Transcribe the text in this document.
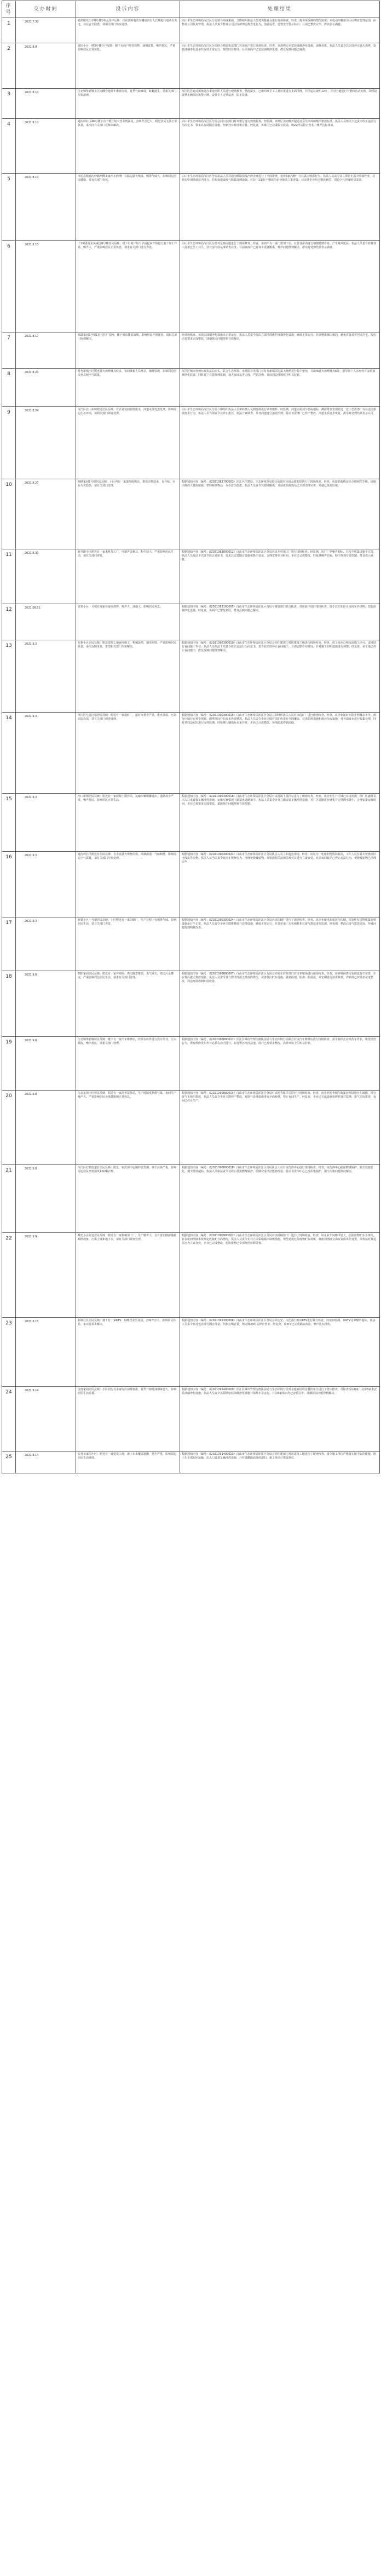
序号	交办时间	投诉内容	处理结果
1	2021.7.30	嘉鸿阳光小学8号楼1单元住户反映：住东面的电动车棚房内有人长期进行电动车充电，存在安全隐患，请相关部门核实处理。	白山市生态环境局浑江区分局领导高度重视，立即组织执法人员对该投诉点进行现场核查。经查，投诉所反映的情况属实。该电动车棚房为小区物业管理范围，由物业公司负责管理。执法人员责令物业公司立即清理违规充电行为，加强巡查，设置安全警示标识。目前已整改完毕，群众表示满意。
2	2021.8.9	富园小区一期3号楼住户反映：楼下有商户经营烧烤，油烟直排，噪声扰民，严重影响居民正常休息。	白山市生态环境局浑江区分局联合城管执法部门对该商户进行现场检查。经查，该烧烤店未安装油烟净化设施，油烟直排。执法人员责令其立即停止露天烧烤，安装油烟净化设备并保持正常运行，规范经营时间。目前该商户已安装油烟净化器，群众反映问题已解决。
3	2021.8.10	江北锦华新城小区南侧空地常年堆放垃圾，夏季气味难闻，蚊蝇滋生，请相关部门尽快清理。	浑江区住建局和街道办事处组织人员进行现场核查，情况属实。已组织环卫工人对垃圾进行全面清理，共清运垃圾约12车，并对空地进行平整和消杀处理，同时设置禁止倾倒垃圾警示牌，安排专人定期巡查，防止反弹。
4	2021.8.10	通沟岭社区46号楼下有个歌厅每天营业到深夜，音响声音过大，附近居民无法正常休息，多次向有关部门反映未解决。	白山市生态环境局浑江区分局会同公安部门对该歌厅进行现场检查，经监测，该歌厅夜间噪声超过社会生活环境噪声排放标准。执法人员依法下达责令改正违法行为决定书，要求其加装隔音设施，控制营业时间和音量。经复查，该歌厅已完成隔音改造，晚22时后停止营业，噪声达标排放。
5	2021.8.10	市民反映通沟岭路两侧多家汽车修理厂在路边露天喷漆，刺鼻气味大，影响周边居民健康，请有关部门查处。	白山市生态环境局浑江区分局执法人员对通沟岭路沿线汽修企业进行了全面排查，发现3家汽修厂存在露天喷漆行为。执法人员责令其立即停止露天喷漆作业，必须在密闭喷漆房内进行，并配套建设废气收集处理设施。对其中1家拒不整改的企业依法立案查处。目前各企业均已整改到位，周边空气异味明显改善。
6	2021.8.10	工农6委及东风家园8号楼居民反映：楼下有商户每天早晨起来开始进行施工加工作业，噪声大，严重影响居民正常休息，请求有关部门进行查处。	白山市生态环境局浑江区分局对反映问题进行了现场核查。经查，该商户为一家门窗加工店，在营业房内进行切割打磨作业，产生噪声扰民。执法人员责令其将加工设备迁至工业区，营业房内仅从事销售业务。目前该商户已将加工设备搬离，噪声问题得到解决，群众对处理结果表示满意。
7	2021.8.17	锦湖家园2号楼1单元住户反映：楼下饭店排放油烟，影响居民开窗通风，请相关部门协调解决。	经现场核查，该饭店油烟净化设施未正常运行。执法人员责令饭店立即清洗维护油烟净化设施，确保正常运行，并调整排烟口朝向，避免直接对着居民住宅。饭店已按要求完成整改，油烟扰民问题得到有效解决。
8	2021.8.20	时代新城小区附近露天烧烤摊点较多，夜间聚集人员嘈杂，烟雾弥漫，影响周边居民休息和空气质量。	浑江区城市管理行政执法局牵头，联合生态环境、市场监管等部门对时代新城周边露天烧烤进行集中整治，共取缔露天烧烤摊点6处，引导商户入室经营并安装油烟净化装置。同时建立长效管理机制，加大夜间巡查力度，严防反弹。目前周边环境秩序明显好转。
9	2021.8.24	浑江区北山东坡附近居民反映：有企业夜间偷排废水，河道水体发黑发臭，影响周边生态环境，请相关部门调查处理。	白山市生态环境局浑江区分局立即组织执法人员和监测人员到现场进行调查取样。经监测，河道水质部分指标超标，溯源排查发现附近一处小型洗涤厂存在违法排放废水行为。执法人员当即责令其停止排污，依法立案调查，并对河道进行清淤治理。目前该洗涤厂已停产整改，河道水质逐步恢复，群众对处理结果表示认可。
10	2021.8.27	锦绣家园3号楼居民反映：小区内有一家废品收购站，堆放杂物较多，有异味，存在火灾隐患，请有关部门处理。	根据通知内容（编号：X2021082700003）浑江区住建局、生态环境分局联合街道对该废品收购站进行了现场核查。经查，该废品收购站未办理相关手续，场地内堆放大量废纸箱、塑料瓶等物品，存在安全隐患。执法人员责令其限期搬离，目前废品收购站已全部清理完毕，场地已恢复原貌。
11	2021.8.30	新开路小区附近有一家木材加工厂，电锯声音刺耳，粉尘较大，严重影响居民生活，请有关部门查处。	根据通知内容（编号：X2021083000012）白山市生态环境局浑江区分局对该木材加工厂进行现场检查。经监测，该厂厂界噪声超标，且粉尘收集设施不完善。执法人员依法下达责令改正通知书，要求其安装隔音设施和除尘设备，合理安排作业时间。企业已完成整改，经复测噪声达标，粉尘得到有效控制，群众表示满意。
12	2021.08.31	富来小区一号楼有商家在夜间烧烤，噪声大，油烟大，影响居民休息。	根据通知内容（编号：X2021083100005）白山市生态环境局浑江区分局与城管部门联合执法，对该商户进行现场检查，责令其立即停止夜间室外烧烤，加装油烟净化设施。经复查，该商户已整改到位，群众反映问题已解决。
13	2021.9.3	红旗小区居民反映：附近建筑工地夜间施工，机械轰鸣，强光照射，严重影响居民休息，多次反映未果，希望相关部门尽快解决。	根据通知内容（编号：X2021090300010）白山市生态环境局浑江区分局会同住建部门对该建筑工地进行现场检查。经查，该工地未办理夜间施工许可，违规进行夜间施工作业。执法人员依法下达责令改正违法行为决定书，责令其立即停止夜间施工，合理安排作业时间，并对施工照明设施进行调整。经复查，该工地已停止夜间施工，群众反映问题得到解决。
14	2021.9.3	浑江区七道江镇居民反映：附近有一家选矿厂，尾矿库扬尘严重，废水外溢，污染周边农田，请有关部门调查处理。	根据通知内容（编号：X2021090300015）白山市生态环境局浑江区分局立即组织执法人员对该选矿厂进行现场检查。经查，该企业尾矿库防尘网覆盖不全，部分区域存在扬尘现象，雨季期间存在废水外溢情况。执法人员责令企业立即对尾矿库进行全面覆盖，完善防渗措施和雨污分流设施，对外溢废水进行收集处理。同时对周边农田进行取样监测，经检测土壤指标未见异常。企业已完成整改，环境隐患得到消除。
15	2021.9.3	河口新城居民反映：附近有一家混凝土搅拌站，运输车辆频繁进出，道路扬尘严重，噪声扰民，影响居民正常生活。	根据通知内容（编号：X2021090300018）白山市生态环境局浑江区分局对该混凝土搅拌站进行了现场检查。经查，该企业生产区域已实现封闭，但厂区道路及出入口未设置车辆冲洗设施，运输车辆带泥上路造成道路扬尘。执法人员责令企业立即安装车辆冲洗设施，对厂区道路进行硬化并定期洒水降尘，合理安排运输时间。企业已按要求完成整改，道路扬尘问题得到有效控制。
16	2021.9.3	通沟岭社区附近有居民反映：有企业露天焚烧垃圾，浓烟滚滚，气味刺鼻，影响周边空气质量，请有关部门尽快处理。	根据通知内容（编号：X2021090300021）白山市生态环境局浑江区分局执法人员立即赶赴现场，经查，该处为一处废旧物资回收站，工作人员在露天焚烧废旧电线皮等杂物。执法人员当即责令其停止焚烧行为，清理焚烧残留物，并依据相关法律法规对其进行立案查处。目前该回收站已停止违法行为，焚烧残留物已清理完毕。
17	2021.9.3	新铁小区一号楼居民反映：小区附近有一家印刷厂，生产过程中有刺鼻气味，影响居民生活，请有关部门查处。	根据通知内容（编号：X2021090300024）白山市生态环境局浑江区分局对该印刷厂进行了现场检查。经查，该企业使用油墨进行印刷，挥发性有机物收集处理设施运行不正常。执法人员责令企业立即维修废气处理设施，确保正常运行，并委托第三方检测机构对废气排放进行监测。经检测，整改后废气排放达标，异味问题得到明显改善。
18	2021.9.8	朝阳家园居民反映：附近有一家养殖场，粪污随意堆放，臭气熏天，雨天污水横流，严重影响周边居民生活，请求有关部门处理。	根据通知内容（编号：X2021090800007）白山市生态环境局浑江区分局会同农业农村部门对该养殖场进行现场检查。经查，该养殖场粪污处理设施不完善，存在粪污露天堆放现象。执法人员责令其立即清理露天堆放的粪污，完善粪污贮存设施，做到防雨、防渗、防溢流，并定期进行消毒除臭。养殖场已按要求完成整改，周边环境得到明显改善。
19	2021.9.8	江北锦华新城居民反映：楼下有一家汽车维修店，经常在店外进行洗车作业，污水横流，噪声扰民，请相关部门处理。	根据通知内容（编号：X2021090800011）浑江区城市管理行政执法局与生态环境分局联合对该汽车维修店进行现场检查，责令其停止店外洗车作业，规范经营行为，所有维修洗车作业必须在店内进行，并设置污水沉淀池。商户已按要求整改，店外环境卫生明显好转。
20	2021.9.8	江北东苑小区居民反映：附近有一家沥青搅拌站，生产时散发刺鼻气味，夜间生产噪声大，严重影响居民身体健康和正常休息。	根据通知内容（编号：X2021090800014）白山市生态环境局浑江区分局对该沥青搅拌站进行了现场检查。经查，该企业沥青烟气收集处理设施存在破损，部分废气无组织排放。执法人员责令企业立即停产整改，对废气处理设施进行全面检修，禁止夜间生产。经复查，企业已完成设施检修并通过监测，废气达标排放，夜间已停止生产。
21	2021.9.8	浑江区红旗街道有居民反映：附近一家洗浴中心锅炉冒黑烟，烟尘污染严重，影响周边居民开窗通风和晾晒衣物。	根据通知内容（编号：X2021090800018）白山市生态环境局浑江区分局执法人员对该洗浴中心进行现场检查。经查，该洗浴中心使用燃煤锅炉，除尘设施老化，烟尘排放超标。执法人员依法责令其停止使用燃煤锅炉，限期完成清洁能源改造。目前该洗浴中心已改用电锅炉，烟尘污染问题彻底解决。
22	2021.9.9	曙光小区附近居民反映：附近有一家机械加工厂，生产噪声大，且有废切削液随意倾倒现象，污染土壤和地下水，请有关部门调查处理。	根据通知内容（编号：X2021090900002）白山市生态环境局浑江区分局对该机械加工厂进行了现场检查。经查，该企业车间噪声较大，危险废物贮存不规范，存在废切削液未按规定收集贮存的情况。执法人员责令企业立即采取隔声降噪措施，规范建设危险废物贮存场所，将废切削液交由有资质单位处置，并依法对其违法行为立案查处。企业已完成整改，危险废物已全部规范转移处置。
23	2021.9.13	新城社区居民反映：楼下有一家KTV，每晚营业至凌晨，音响声音大，影响居民休息，多次投诉未解决。	根据通知内容（编号：X2021091300006）白山市生态环境局浑江区分局会同公安、文化部门对该KTV进行联合检查。经夜间监测，该KTV边界噪声超标。执法人员责令其对包房进行隔音改造，控制音响音量，规定晚23时后停止营业。经复查，该KTV已完成隔音改造，噪声达标排放。
24	2021.9.14	金地家园居民反映：小区周边有多家饭店油烟直排，夏季开窗时油烟味道大，影响居民生活质量。	根据通知内容（编号：X2021091400009）浑江区城市管理行政执法局与生态环境分局对金地家园周边餐饮单位进行了集中排查，共检查饭店8家，其中3家未安装油烟净化设施。执法人员责令其限期安装油烟净化设施并保持正常运行。目前3家饭店均已安装完毕，油烟扰民问题得到解决。
25	2021.9.14	公务员家园小区：附近有一处建筑工地，渣土车未覆盖遗撒，扬尘严重，影响周边居民生活环境。	根据通知内容（编号：X2021091400013）白山市生态环境局浑江区分局会同住建部门对该建筑工地进行了现场检查，责令施工单位严格落实扬尘防治措施，渣土车全部密闭运输，出入口设置车辆冲洗设施，并对遗撒路面及时清扫。施工单位已整改到位。
